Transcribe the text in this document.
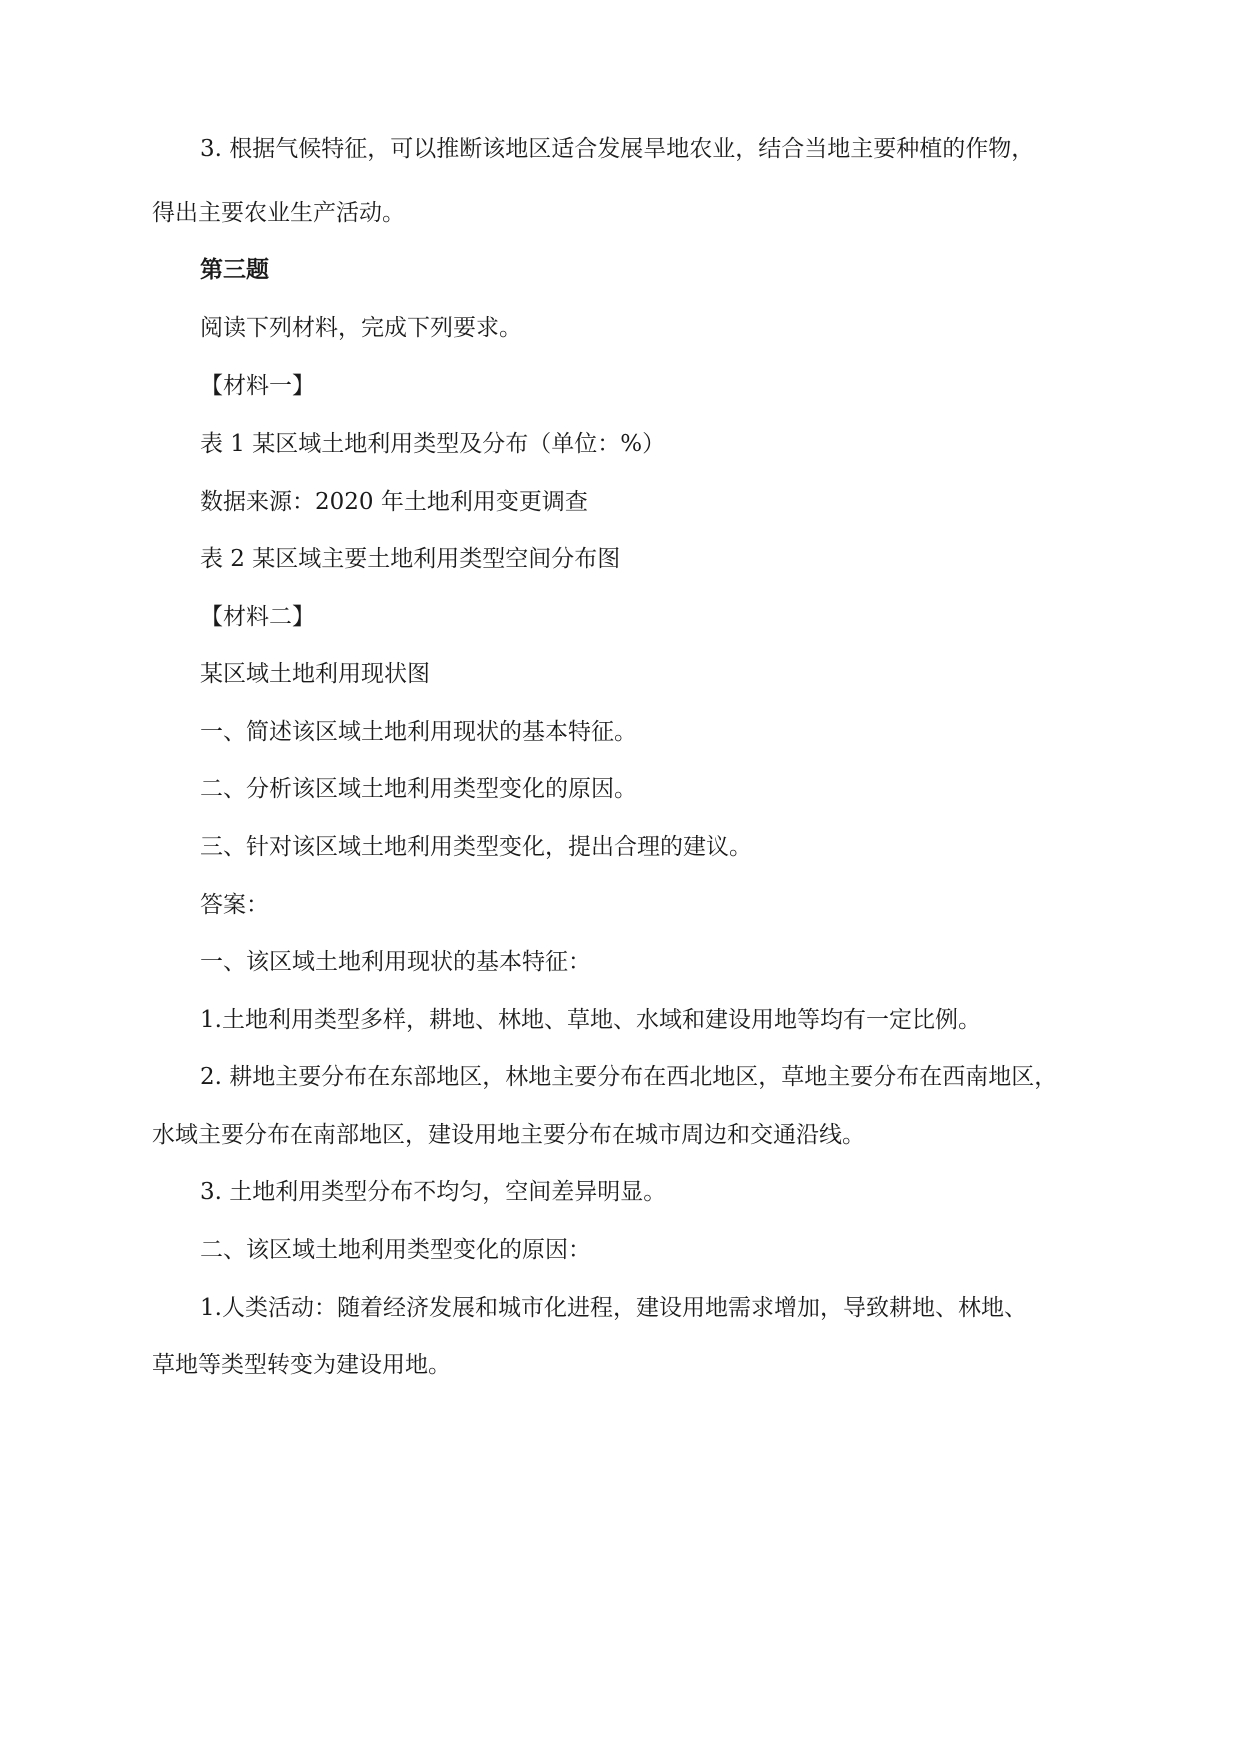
3. 根据气候特征，可以推断该地区适合发展旱地农业，结合当地主要种植的作物，
得出主要农业生产活动。
第三题
阅读下列材料，完成下列要求。
【材料一】
表 1 某区域土地利用类型及分布（单位：%）
数据来源：2020 年土地利用变更调查
表 2 某区域主要土地利用类型空间分布图
【材料二】
某区域土地利用现状图
一、简述该区域土地利用现状的基本特征。
二、分析该区域土地利用类型变化的原因。
三、针对该区域土地利用类型变化，提出合理的建议。
答案：
一、该区域土地利用现状的基本特征：
1.土地利用类型多样，耕地、林地、草地、水域和建设用地等均有一定比例。
2. 耕地主要分布在东部地区，林地主要分布在西北地区，草地主要分布在西南地区，
水域主要分布在南部地区，建设用地主要分布在城市周边和交通沿线。
3. 土地利用类型分布不均匀，空间差异明显。
二、该区域土地利用类型变化的原因：
1.人类活动：随着经济发展和城市化进程，建设用地需求增加，导致耕地、林地、
草地等类型转变为建设用地。
